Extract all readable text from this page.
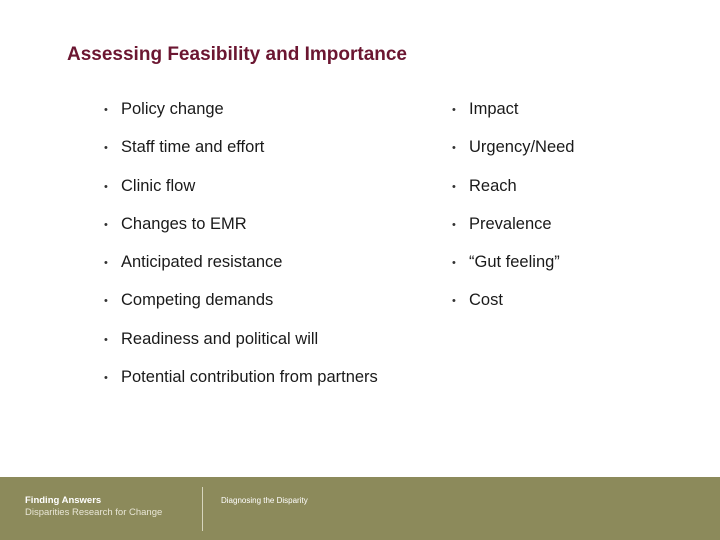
Assessing Feasibility and Importance
• Policy change
• Staff time and effort
• Clinic flow
• Changes to EMR
• Anticipated resistance
• Competing demands
• Readiness and political will
• Potential contribution from partners
• Impact
• Urgency/Need
• Reach
• Prevalence
• “Gut feeling”
• Cost
Finding Answers
Disparities Research for Change
Diagnosing the Disparity
